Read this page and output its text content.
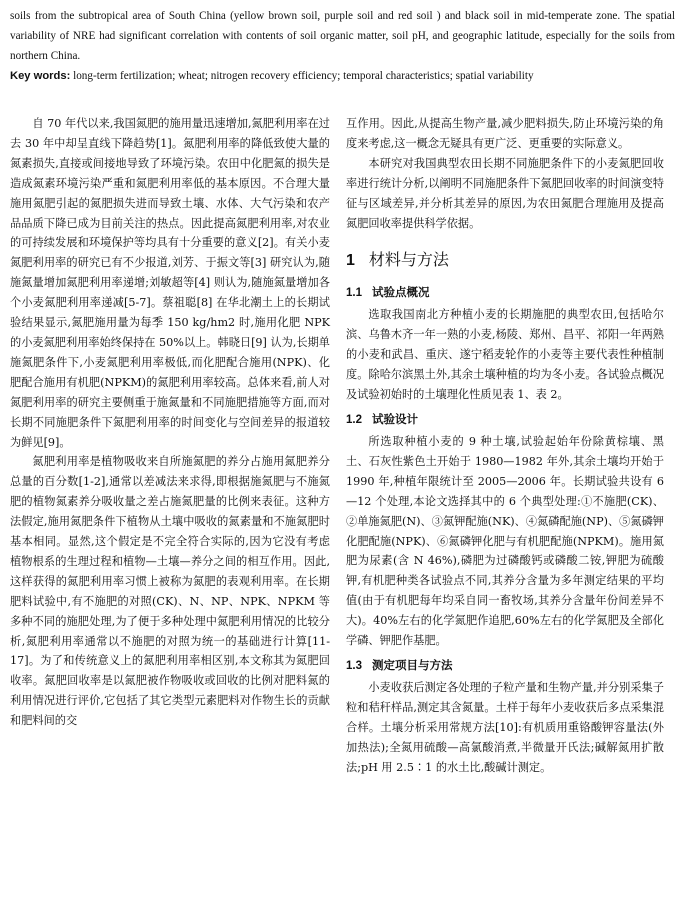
soils from the subtropical area of South China (yellow brown soil, purple soil and red soil ) and black soil in mid-temperate zone. The spatial variability of NRE had significant correlation with contents of soil organic matter, soil pH, and geographic latitude, especially for the soils from northern China.

Key words: long-term fertilization; wheat; nitrogen recovery efficiency; temporal characteristics; spatial variability

自 70 年代以来,我国氮肥的施用量迅速增加,氮肥利用率在过去 30 年中却呈直线下降趋势[1]。氮肥利用率的降低致使大量的氮素损失,直接或间接地导致了环境污染。农田中化肥氮的损失是造成氮素环境污染严重和氮肥利用率低的基本原因。不合理大量施用氮肥引起的氮肥损失进而导致土壤、水体、大气污染和农产品品质下降已成为目前关注的热点。因此提高氮肥利用率,对农业的可持续发展和环境保护等均具有十分重要的意义[2]。有关小麦氮肥利用率的研究已有不少报道,刘芳、于振文等[3] 研究认为,随施氮量增加氮肥利用率递增;刘敏超等[4] 则认为,随施氮量增加各个小麦氮肥利用率递减[5-7]。蔡祖聪[8] 在华北潮土上的长期试验结果显示,氮肥施用量为每季 150 kg/hm2 时,施用化肥 NPK 的小麦氮肥利用率始终保持在 50%以上。韩晓日[9] 认为,长期单施氮肥条件下,小麦氮肥利用率极低,而化肥配合施用(NPK)、化肥配合施用有机肥(NPKM)的氮肥利用率较高。总体来看,前人对氮肥利用率的研究主要侧重于施氮量和不同施肥措施等方面,而对长期不同施肥条件下氮肥利用率的时间变化与空间差异的报道较为鲜见[9]。

氮肥利用率是植物吸收来自所施氮肥的养分占施用氮肥养分总量的百分数[1-2],通常以差减法来求得,即根据施氮肥与不施氮肥的植物氮素养分吸收量之差占施氮肥量的比例来表征。这种方法假定,施用氮肥条件下植物从土壤中吸收的氮素量和不施氮肥时基本相同。显然,这个假定是不完全符合实际的,因为它没有考虑植物根系的生理过程和植物—土壤—养分之间的相互作用。因此,这样获得的氮肥利用率习惯上被称为氮肥的表观利用率。在长期肥料试验中,有不施肥的对照(CK)、N、NP、NPK、NPKM 等多种不同的施肥处理,为了便于多种处理中氮肥利用情况的比较分析,氮肥利用率通常以不施肥的对照为统一的基础进行计算[11-17]。为了和传统意义上的氮肥利用率相区别,本文称其为氮肥回收率。氮肥回收率是以氮肥被作物吸收或回收的比例对肥料氮的利用情况进行评价,它包括了其它类型元素肥料对作物生长的贡献和肥料间的交

互作用。因此,从提高生物产量,减少肥料损失,防止环境污染的角度来考虑,这一概念无疑具有更广泛、更重要的实际意义。

本研究对我国典型农田长期不同施肥条件下的小麦氮肥回收率进行统计分析,以阐明不同施肥条件下氮肥回收率的时间演变特征与区域差异,并分析其差异的原因,为农田氮肥合理施用及提高氮肥回收率提供科学依据。

1 材料与方法
1.1 试验点概况

选取我国南北方种植小麦的长期施肥的典型农田,包括哈尔滨、乌鲁木齐一年一熟的小麦,杨陵、郑州、昌平、祁阳一年两熟的小麦和武昌、重庆、遂宁稻麦轮作的小麦等主要代表性种植制度。除哈尔滨黑土外,其余土壤种植的均为冬小麦。各试验点概况及试验初始时的土壤理化性质见表 1、表 2。

1.2 试验设计

所选取种植小麦的 9 种土壤,试验起始年份除黄棕壤、黑土、石灰性紫色土开始于 1980—1982 年外,其余土壤均开始于 1990 年,种植年限统计至 2005—2006 年。长期试验共设有 6—12 个处理,本论文选择其中的 6 个典型处理:①不施肥(CK)、②单施氮肥(N)、③氮钾配施(NK)、④氮磷配施(NP)、⑤氮磷钾化肥配施(NPK)、⑥氮磷钾化肥与有机肥配施(NPKM)。施用氮肥为尿素(含 N 46%),磷肥为过磷酸钙或磷酸二铵,钾肥为硫酸钾,有机肥种类各试验点不同,其养分含量为多年测定结果的平均值(由于有机肥每年均采自同一畜牧场,其养分含量年份间差异不大)。40%左右的化学氮肥作追肥,60%左右的化学氮肥及全部化学磷、钾肥作基肥。

1.3 测定项目与方法

小麦收获后测定各处理的子粒产量和生物产量,并分别采集子粒和秸秆样品,测定其含氮量。土样于每年小麦收获后多点采集混合样。土壤分析采用常规方法[10]:有机质用重铬酸钾容量法(外加热法);全氮用硫酸—高氯酸消煮,半微量开氏法;碱解氮用扩散法;pH 用 2.5∶1 的水土比,酸碱计测定。
